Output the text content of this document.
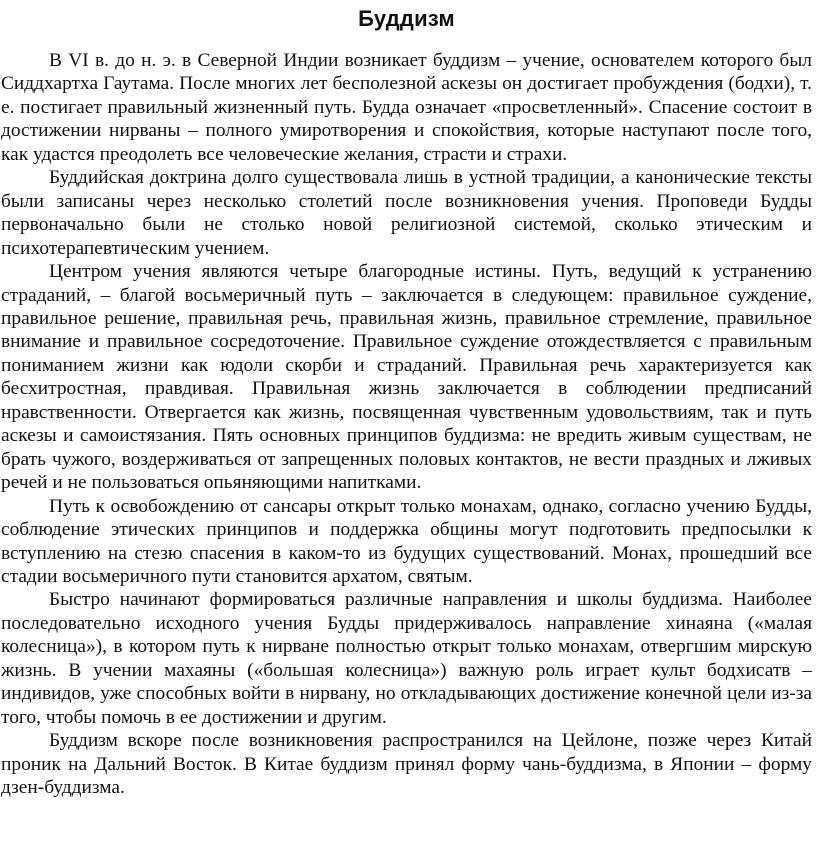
Буддизм

В VI в. до н. э. в Северной Индии возникает буддизм – учение, основателем которого был Сиддхартха Гаутама. После многих лет бесполезной аскезы он достигает пробуждения (бодхи), т. е. постигает правильный жизненный путь. Будда означает «просветленный». Спасение состоит в достижении нирваны – полного умиротворения и спокойствия, которые наступают после того, как удастся преодолеть все человеческие желания, страсти и страхи.

Буддийская доктрина долго существовала лишь в устной традиции, а канонические тексты были записаны через несколько столетий после возникновения учения. Проповеди Будды первоначально были не столько новой религиозной системой, сколько этическим и психотерапевтическим учением.

Центром учения являются четыре благородные истины. Путь, ведущий к устранению страданий, – благой восьмеричный путь – заключается в следующем: правильное суждение, правильное решение, правильная речь, правильная жизнь, правильное стремление, правильное внимание и правильное сосредоточение. Правильное суждение отождествляется с правильным пониманием жизни как юдоли скорби и страданий. Правильная речь характеризуется как бесхитростная, правдивая. Правильная жизнь заключается в соблюдении предписаний нравственности. Отвергается как жизнь, посвященная чувственным удовольствиям, так и путь аскезы и самоистязания. Пять основных принципов буддизма: не вредить живым существам, не брать чужого, воздерживаться от запрещенных половых контактов, не вести праздных и лживых речей и не пользоваться опьяняющими напитками.

Путь к освобождению от сансары открыт только монахам, однако, согласно учению Будды, соблюдение этических принципов и поддержка общины могут подготовить предпосылки к вступлению на стезю спасения в каком-то из будущих существований. Монах, прошедший все стадии восьмеричного пути становится архатом, святым.

Быстро начинают формироваться различные направления и школы буддизма. Наиболее последовательно исходного учения Будды придерживалось направление хинаяна («малая колесница»), в котором путь к нирване полностью открыт только монахам, отвергшим мирскую жизнь. В учении махаяны («большая колесница») важную роль играет культ бодхисатв – индивидов, уже способных войти в нирвану, но откладывающих достижение конечной цели из-за того, чтобы помочь в ее достижении и другим.

Буддизм вскоре после возникновения распространился на Цейлоне, позже через Китай проник на Дальний Восток. В Китае буддизм принял форму чань-буддизма, в Японии – форму дзен-буддизма.
